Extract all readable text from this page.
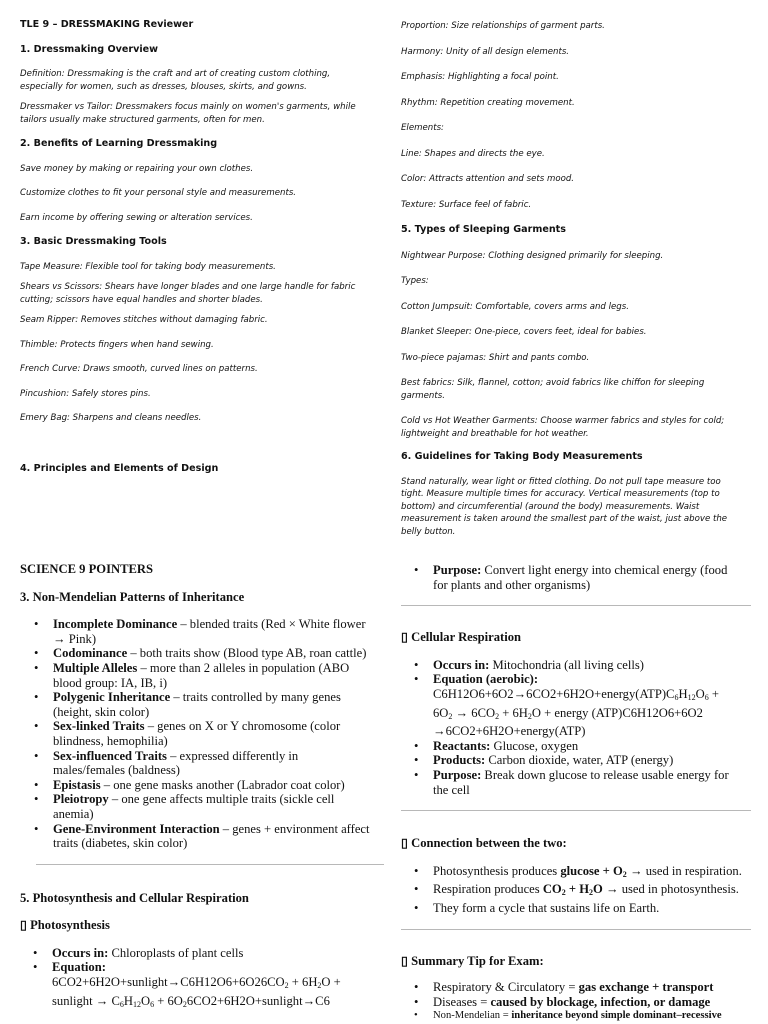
TLE 9 – DRESSMAKING Reviewer

1. Dressmaking Overview

Definition: Dressmaking is the craft and art of creating custom clothing, especially for women, such as dresses, blouses, skirts, and gowns.

Dressmaker vs Tailor: Dressmakers focus mainly on women's garments, while tailors usually make structured garments, often for men.

2. Benefits of Learning Dressmaking

Save money by making or repairing your own clothes.

Customize clothes to fit your personal style and measurements.

Earn income by offering sewing or alteration services.

3. Basic Dressmaking Tools

Tape Measure: Flexible tool for taking body measurements.

Shears vs Scissors: Shears have longer blades and one large handle for fabric cutting; scissors have equal handles and shorter blades.

Seam Ripper: Removes stitches without damaging fabric.

Thimble: Protects fingers when hand sewing.

French Curve: Draws smooth, curved lines on patterns.

Pincushion: Safely stores pins.

Emery Bag: Sharpens and cleans needles.

4. Principles and Elements of Design

Proportion: Size relationships of garment parts.

Harmony: Unity of all design elements.

Emphasis: Highlighting a focal point.

Rhythm: Repetition creating movement.

Elements:

Line: Shapes and directs the eye.

Color: Attracts attention and sets mood.

Texture: Surface feel of fabric.

5. Types of Sleeping Garments

Nightwear Purpose: Clothing designed primarily for sleeping.

Types:

Cotton Jumpsuit: Comfortable, covers arms and legs.

Blanket Sleeper: One-piece, covers feet, ideal for babies.

Two-piece pajamas: Shirt and pants combo.

Best fabrics: Silk, flannel, cotton; avoid fabrics like chiffon for sleeping garments.

Cold vs Hot Weather Garments: Choose warmer fabrics and styles for cold; lightweight and breathable for hot weather.

6. Guidelines for Taking Body Measurements

Stand naturally, wear light or fitted clothing. Do not pull tape measure too tight. Measure multiple times for accuracy. Vertical measurements (top to bottom) and circumferential (around the body) measurements. Waist measurement is taken around the smallest part of the waist, just above the belly button.

SCIENCE 9 POINTERS
3. Non-Mendelian Patterns of Inheritance
• Incomplete Dominance – blended traits (Red × White flower → Pink)
• Codominance – both traits show (Blood type AB, roan cattle)
• Multiple Alleles – more than 2 alleles in population (ABO blood group: IA, IB, i)
• Polygenic Inheritance – traits controlled by many genes (height, skin color)
• Sex-linked Traits – genes on X or Y chromosome (color blindness, hemophilia)
• Sex-influenced Traits – expressed differently in males/females (baldness)
• Epistasis – one gene masks another (Labrador coat color)
• Pleiotropy – one gene affects multiple traits (sickle cell anemia)
• Gene-Environment Interaction – genes + environment affect traits (diabetes, skin color)
5. Photosynthesis and Cellular Respiration
▯ Photosynthesis
• Occurs in: Chloroplasts of plant cells
• Equation:
$6CO2+6H2O+sunlight\to C6H12O6+6O26CO_2 + 6H_2O$ +
sunlight → $C_6H_{12}O_6$ + $6O_26CO2+6H2O+sunlight\to C6$
• Purpose: Convert light energy into chemical energy (food for plants and other organisms)
▯ Cellular Respiration
• Occurs in: Mitochondria (all living cells)
• Equation (aerobic):
$C6H12O6+6O2\to 6CO2+6H2O+energy(ATP)C_6H_{12}O_6$ +
$6O_2 \to 6CO_2 + 6H_2O$ + energy (ATP)C6H12O6+6O2
→6CO2+6H2O+energy(ATP)
• Reactants: Glucose, oxygen
• Products: Carbon dioxide, water, ATP (energy)
• Purpose: Break down glucose to release usable energy for the cell
▯ Connection between the two:
• Photosynthesis produces $glucose + O_2$ → used in respiration.
• Respiration produces $CO_2 + H_2O$ → used in photosynthesis.
• They form a cycle that sustains life on Earth.
▯ Summary Tip for Exam:
• Respiratory & Circulatory = gas exchange + transport
• Diseases = caused by blockage, infection, or damage
• Non-Mendelian = inheritance beyond simple dominant–recessive
